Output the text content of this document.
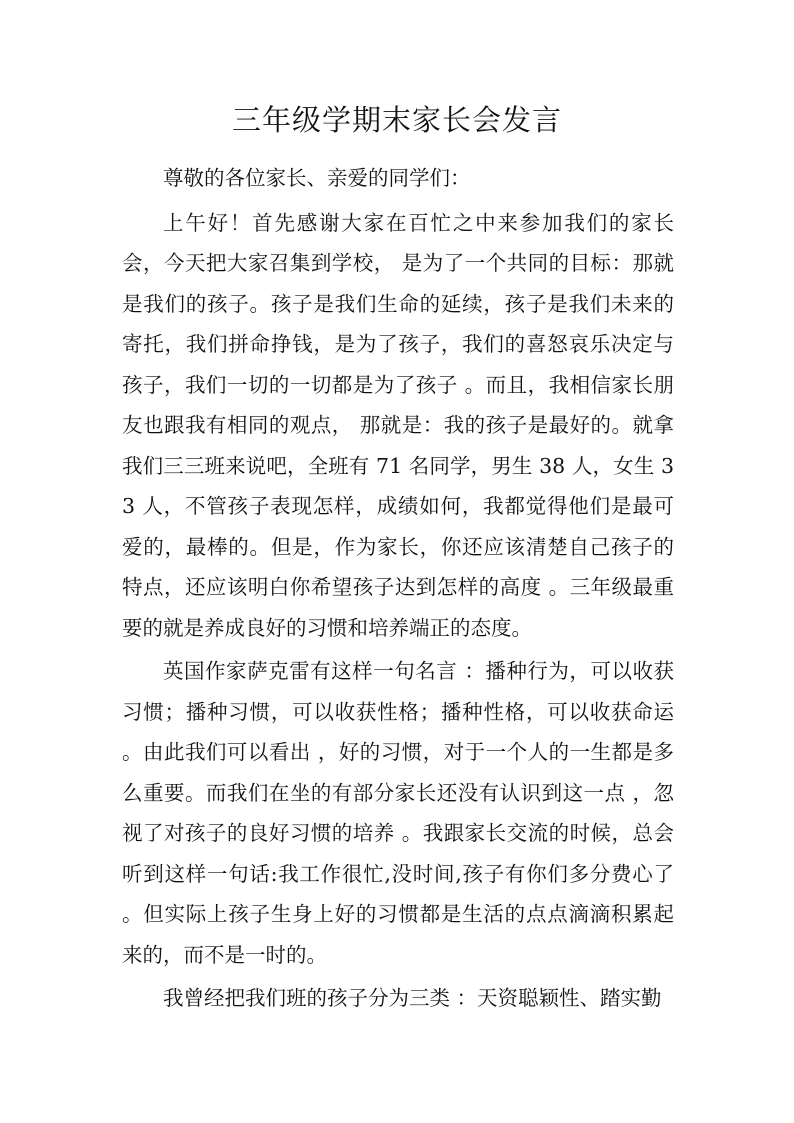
三年级学期末家长会发言

尊敬的各位家长、亲爱的同学们：

上午好！首先感谢大家在百忙之中来参加我们的家长会，今天把大家召集到学校， 是为了一个共同的目标：那就是我们的孩子。孩子是我们生命的延续，孩子是我们未来的寄托，我们拼命挣钱，是为了孩子，我们的喜怒哀乐决定与孩子，我们一切的一切都是为了孩子 。而且，我相信家长朋友也跟我有相同的观点， 那就是：我的孩子是最好的。就拿我们三三班来说吧，全班有 71 名同学，男生 38 人，女生 33 人，不管孩子表现怎样，成绩如何，我都觉得他们是最可爱的，最棒的。但是，作为家长，你还应该清楚自己孩子的特点，还应该明白你希望孩子达到怎样的高度 。三年级最重要的就是养成良好的习惯和培养端正的态度。

英国作家萨克雷有这样一句名言 ：播种行为，可以收获习惯；播种习惯，可以收获性格；播种性格，可以收获命运 。由此我们可以看出 ，好的习惯，对于一个人的一生都是多么重要。而我们在坐的有部分家长还没有认识到这一点 ，忽视了对孩子的良好习惯的培养 。我跟家长交流的时候，总会听到这样一句话:我工作很忙,没时间,孩子有你们多分费心了 。但实际上孩子生身上好的习惯都是生活的点点滴滴积累起来的，而不是一时的。

我曾经把我们班的孩子分为三类 ：天资聪颖性、踏实勤
